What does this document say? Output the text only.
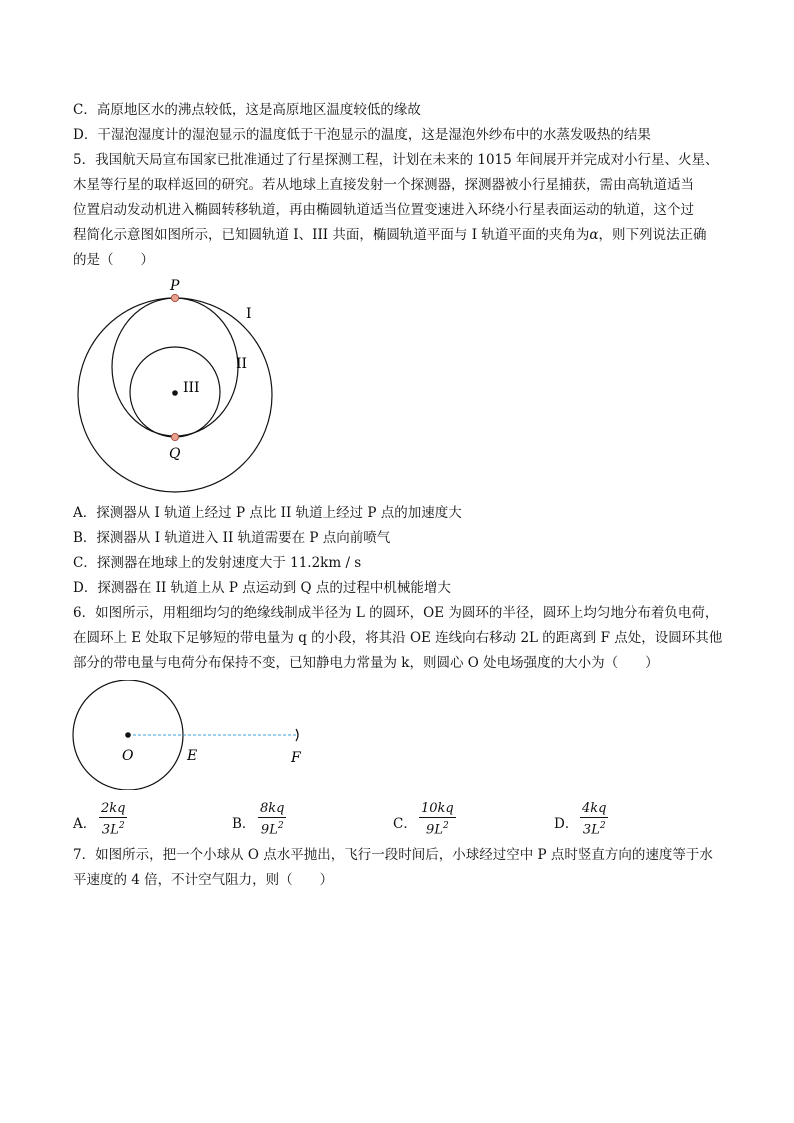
C．高原地区水的沸点较低，这是高原地区温度较低的缘故
D．干湿泡湿度计的湿泡显示的温度低于干泡显示的温度，这是湿泡外纱布中的水蒸发吸热的结果
5．我国航天局宣布国家已批准通过了行星探测工程，计划在未来的 1015 年间展开并完成对小行星、火星、
木星等行星的取样返回的研究。若从地球上直接发射一个探测器，探测器被小行星捕获，需由高轨道适当
位置启动发动机进入椭圆转移轨道，再由椭圆轨道适当位置变速进入环绕小行星表面运动的轨道，这个过
程简化示意图如图所示，已知圆轨道 I、III 共面，椭圆轨道平面与 I 轨道平面的夹角为α，则下列说法正确
的是（　　）
P
Q
I
II
III
A．探测器从 I 轨道上经过 P 点比 II 轨道上经过 P 点的加速度大
B．探测器从 I 轨道进入 II 轨道需要在 P 点向前喷气
C．探测器在地球上的发射速度大于 11.2km / s
D．探测器在 II 轨道上从 P 点运动到 Q 点的过程中机械能增大
6．如图所示，用粗细均匀的绝缘线制成半径为 L 的圆环，OE 为圆环的半径，圆环上均匀地分布着负电荷，
在圆环上 E 处取下足够短的带电量为 q 的小段，将其沿 OE 连线向右移动 2L 的距离到 F 点处，设圆环其他
部分的带电量与电荷分布保持不变，已知静电力常量为 k，则圆心 O 处电场强度的大小为（　　）
O	E	F
A． $\frac{2kq}{3L^2}$	B． $\frac{8kq}{9L^2}$	C． $\frac{10kq}{9L^2}$	D． $\frac{4kq}{3L^2}$
7．如图所示，把一个小球从 O 点水平抛出，飞行一段时间后，小球经过空中 P 点时竖直方向的速度等于水
平速度的 4 倍，不计空气阻力，则（　　）
